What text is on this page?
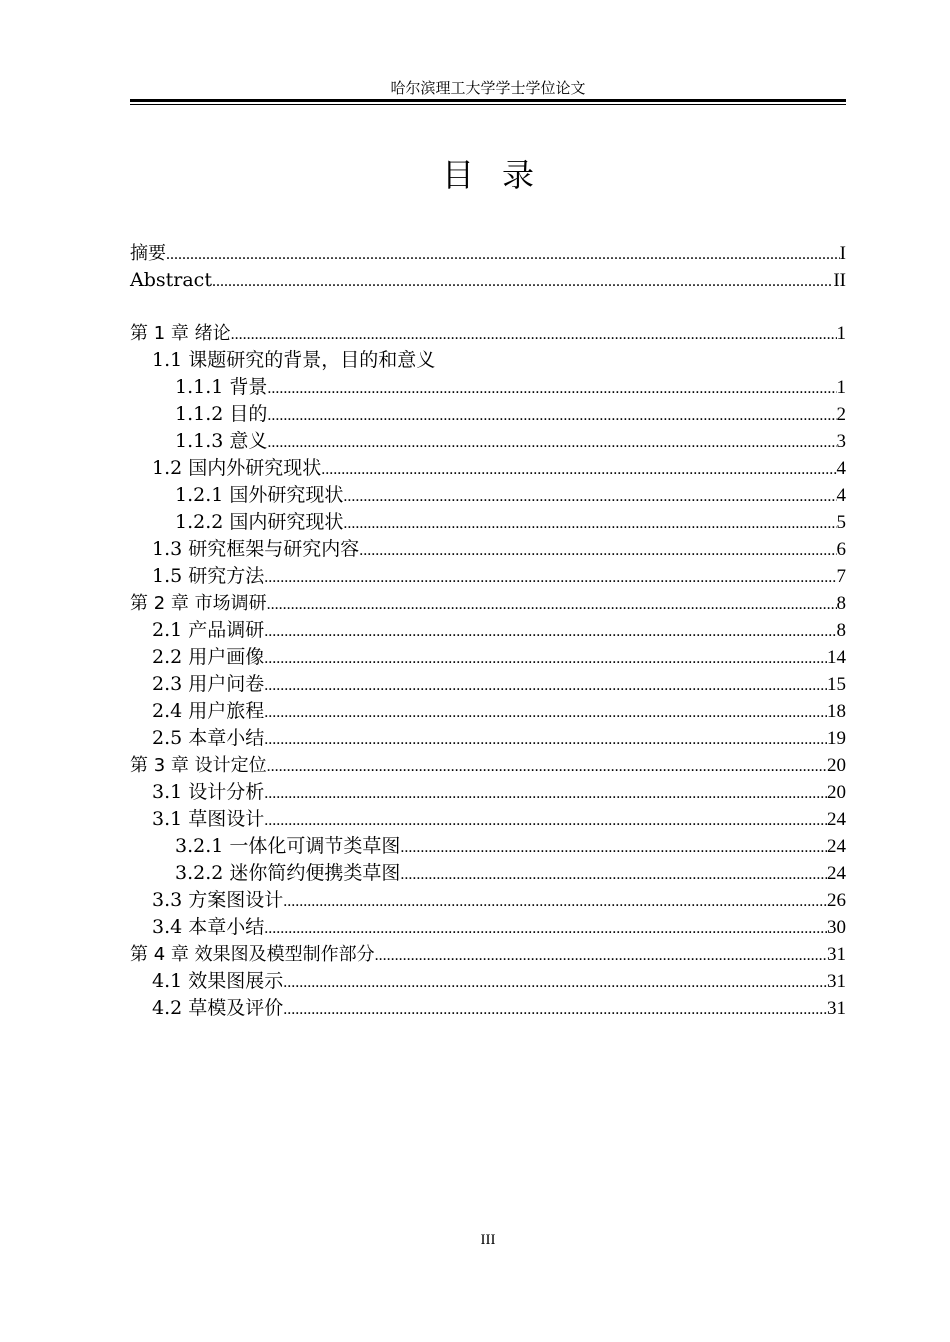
哈尔滨理工大学学士学位论文
目录
摘要 .....	I
Abstract .....	II
第 1 章 绪论 .....	1
1.1 课题研究的背景，目的和意义
1.1.1 背景 .....	1
1.1.2 目的 .....	2
1.1.3 意义 .....	3
1.2 国内外研究现状 .....	4
1.2.1 国外研究现状 .....	4
1.2.2 国内研究现状 .....	5
1.3 研究框架与研究内容 .....	6
1.5 研究方法 .....	7
第 2 章 市场调研 .....	8
2.1 产品调研 .....	8
2.2 用户画像 .....	14
2.3 用户问卷 .....	15
2.4 用户旅程 .....	18
2.5 本章小结 .....	19
第 3 章 设计定位 .....	20
3.1 设计分析 .....	20
3.1 草图设计 .....	24
3.2.1 一体化可调节类草图 .....	24
3.2.2 迷你简约便携类草图 .....	24
3.3 方案图设计 .....	26
3.4 本章小结 .....	30
第 4 章 效果图及模型制作部分 .....	31
4.1 效果图展示 .....	31
4.2 草模及评价 .....	31
III
